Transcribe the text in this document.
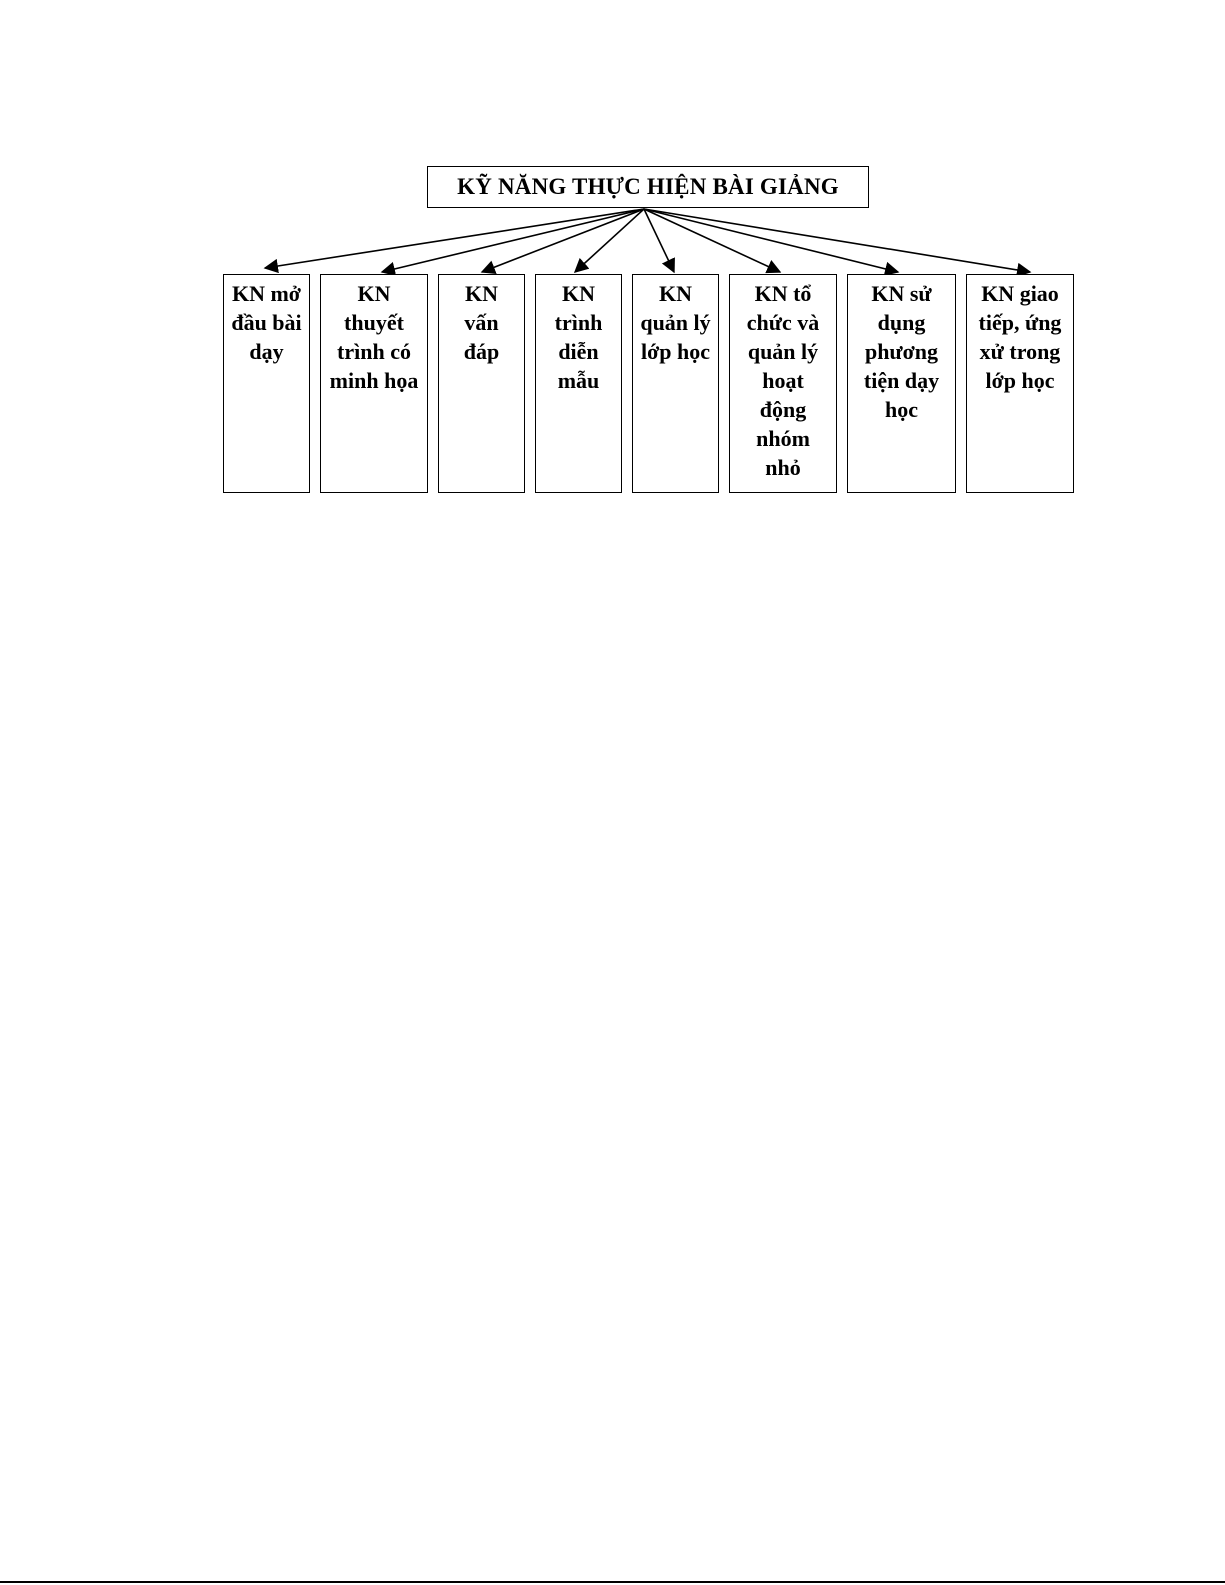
KỸ NĂNG THỰC HIỆN BÀI GIẢNG
KN mở
đầu bài
dạy
KN
thuyết
trình có
minh họa
KN
vấn
đáp
KN
trình
diễn
mẫu
KN
quản lý
lớp học
KN tổ
chức và
quản lý
hoạt
động
nhóm
nhỏ
KN sử
dụng
phương
tiện dạy
học
KN giao
tiếp, ứng
xử trong
lớp học
